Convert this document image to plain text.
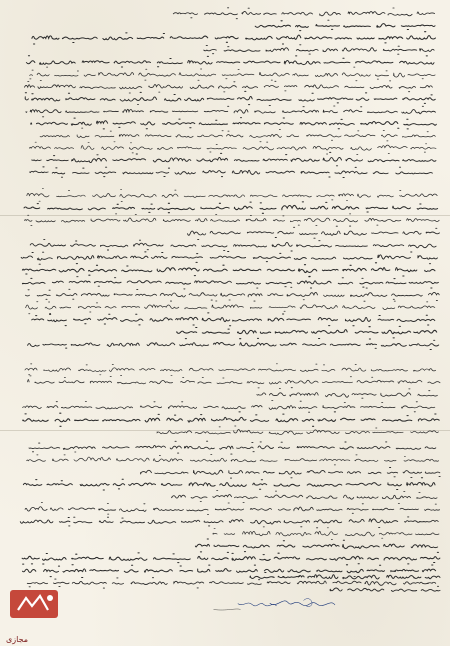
مجازی
